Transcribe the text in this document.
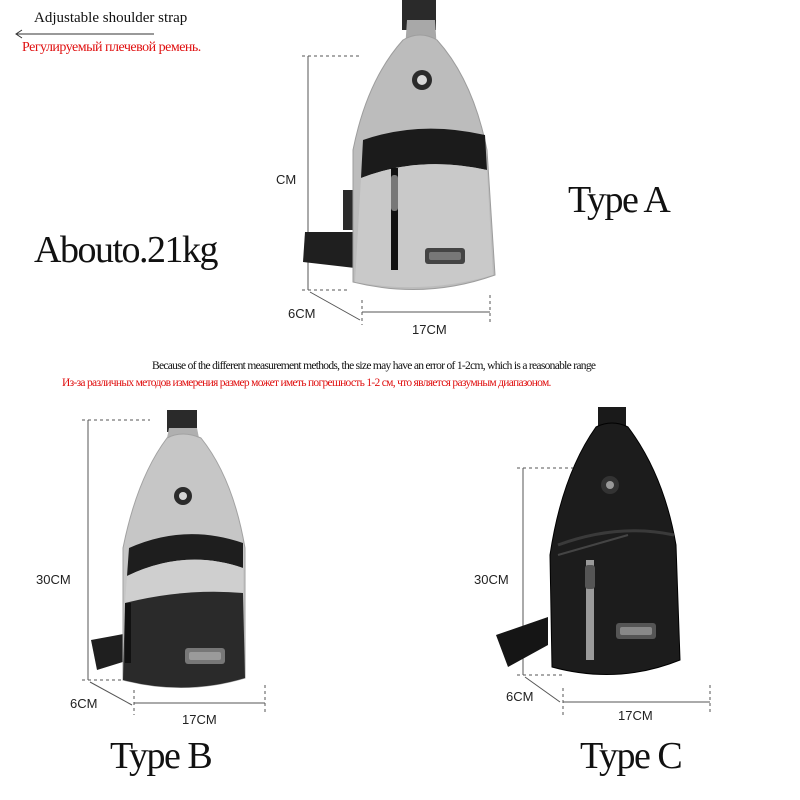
Adjustable shoulder strap
Регулируемый плечевой ремень.
Abouto.21kg
CM
6CM
17CM
Type A
Because of the different measurement methods, the size may have an error of 1-2cm, which is a reasonable range
Из-за различных методов измерения размер может иметь погрешность 1-2 см, что является разумным диапазоном.
30CM
6CM
17CM
Type B
30CM
6CM
17CM
Type C
